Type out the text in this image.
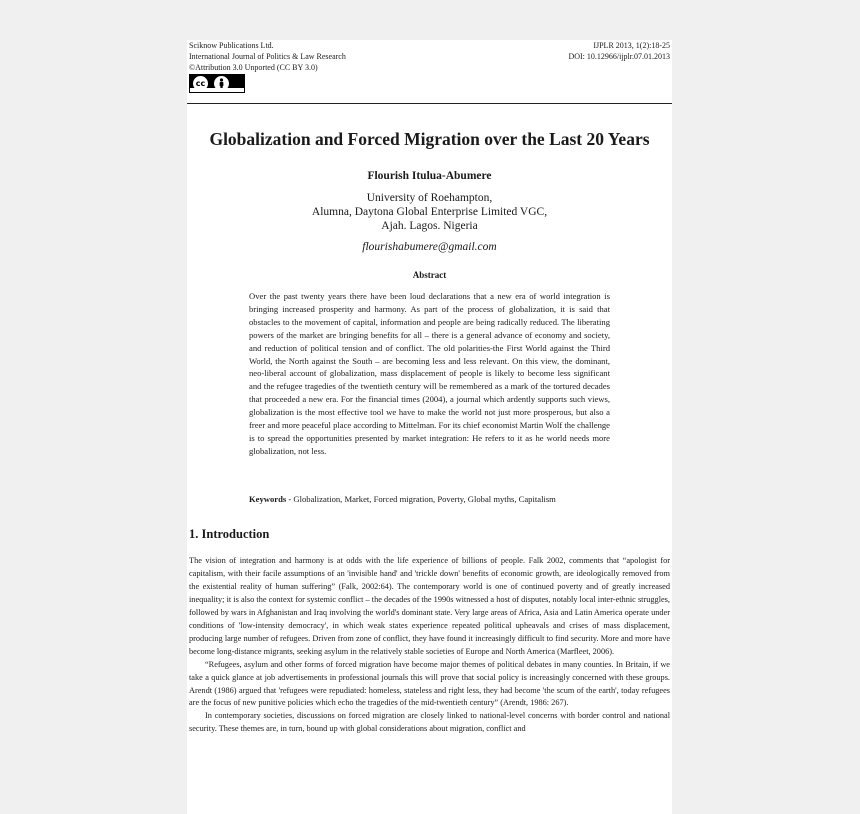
Sciknow Publications Ltd.
International Journal of Politics & Law Research
©Attribution 3.0 Unported (CC BY 3.0)
IJPLR 2013, 1(2):18-25
DOI: 10.12966/ijplr.07.01.2013
cc
Globalization and Forced Migration over the Last 20 Years
Flourish Itulua-Abumere
University of Roehampton,
Alumna, Daytona Global Enterprise Limited VGC,
Ajah. Lagos. Nigeria
flourishabumere@gmail.com
Abstract

Over the past twenty years there have been loud declarations that a new era of world integration is bringing increased prosperity and harmony. As part of the process of globalization, it is said that obstacles to the movement of capital, information and people are being radically reduced. The liberating powers of the market are bringing benefits for all – there is a general advance of economy and society, and reduction of political tension and of conflict. The old polarities-the First World against the Third World, the North against the South – are becoming less and less relevant. On this view, the dominant, neo-liberal account of globalization, mass displacement of people is likely to become less significant and the refugee tragedies of the twentieth century will be remembered as a mark of the tortured decades that proceeded a new era. For the financial times (2004), a journal which ardently supports such views, globalization is the most effective tool we have to make the world not just more prosperous, but also a freer and more peaceful place according to Mittelman. For its chief economist Martin Wolf the challenge is to spread the opportunities presented by market integration: He refers to it as he world needs more globalization, not less.

Keywords - Globalization, Market, Forced migration, Poverty, Global myths, Capitalism
1. Introduction

The vision of integration and harmony is at odds with the life experience of billions of people. Falk 2002, comments that “apologist for capitalism, with their facile assumptions of an 'invisible hand' and 'trickle down' benefits of economic growth, are ideologically removed from the existential reality of human suffering” (Falk, 2002:64). The contemporary world is one of continued poverty and of greatly increased inequality; it is also the context for systemic conflict – the decades of the 1990s witnessed a host of disputes, notably local inter-ethnic struggles, followed by wars in Afghanistan and Iraq involving the world's dominant state. Very large areas of Africa, Asia and Latin America operate under conditions of 'low-intensity democracy', in which weak states experience repeated political upheavals and crises of mass displacement, producing large number of refugees. Driven from zone of conflict, they have found it increasingly difficult to find security. More and more have become long-distance migrants, seeking asylum in the relatively stable societies of Europe and North America (Marfleet, 2006).

“Refugees, asylum and other forms of forced migration have become major themes of political debates in many counties. In Britain, if we take a quick glance at job advertisements in professional journals this will prove that social policy is increasingly concerned with these groups. Arendt (1986) argued that 'refugees were repudiated: homeless, stateless and right less, they had become 'the scum of the earth', today refugees are the focus of new punitive policies which echo the tragedies of the mid-twentieth century” (Arendt, 1986: 267).

In contemporary societies, discussions on forced migration are closely linked to national-level concerns with border control and national security. These themes are, in turn, bound up with global considerations about migration, conflict and
